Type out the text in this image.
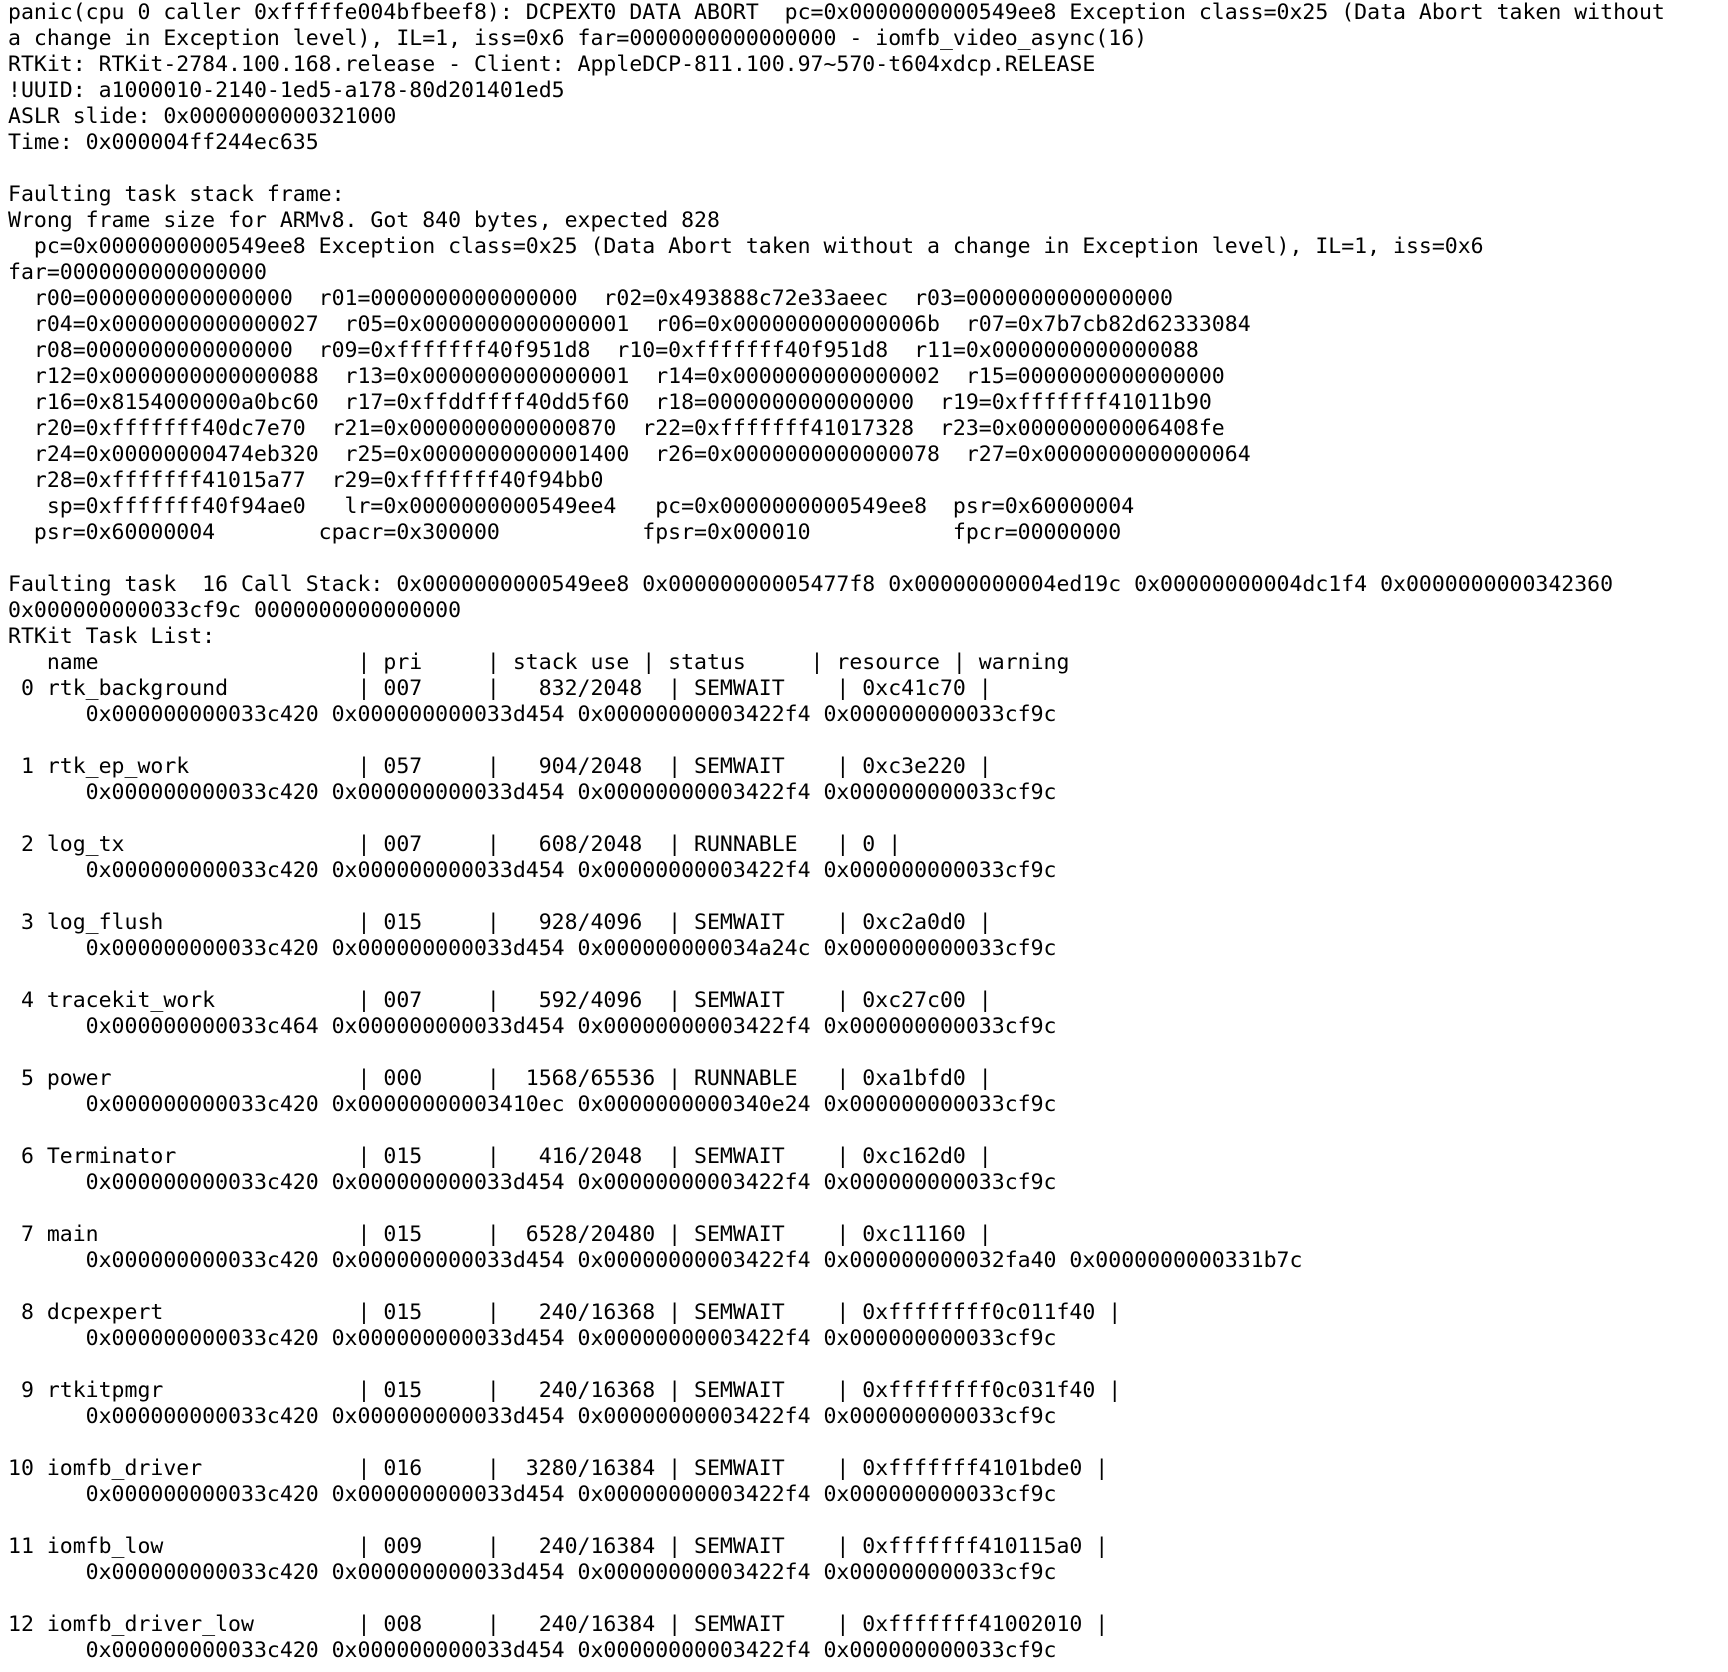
panic(cpu 0 caller 0xfffffe004bfbeef8): DCPEXT0 DATA ABORT  pc=0x0000000000549ee8 Exception class=0x25 (Data Abort taken without
a change in Exception level), IL=1, iss=0x6 far=0000000000000000 - iomfb_video_async(16)
RTKit: RTKit-2784.100.168.release - Client: AppleDCP-811.100.97~570-t604xdcp.RELEASE
!UUID: a1000010-2140-1ed5-a178-80d201401ed5
ASLR slide: 0x0000000000321000
Time: 0x000004ff244ec635
Faulting task stack frame:
Wrong frame size for ARMv8. Got 840 bytes, expected 828
pc=0x0000000000549ee8 Exception class=0x25 (Data Abort taken without a change in Exception level), IL=1, iss=0x6
far=0000000000000000
r00=0000000000000000  r01=0000000000000000  r02=0x493888c72e33aeec  r03=0000000000000000
r04=0x0000000000000027  r05=0x0000000000000001  r06=0x000000000000006b  r07=0x7b7cb82d62333084
r08=0000000000000000  r09=0xfffffff40f951d8  r10=0xfffffff40f951d8  r11=0x0000000000000088
r12=0x0000000000000088  r13=0x0000000000000001  r14=0x0000000000000002  r15=0000000000000000
r16=0x8154000000a0bc60  r17=0xffddffff40dd5f60  r18=0000000000000000  r19=0xfffffff41011b90
r20=0xfffffff40dc7e70  r21=0x0000000000000870  r22=0xfffffff41017328  r23=0x00000000006408fe
r24=0x00000000474eb320  r25=0x0000000000001400  r26=0x0000000000000078  r27=0x0000000000000064
r28=0xfffffff41015a77  r29=0xfffffff40f94bb0
sp=0xfffffff40f94ae0   lr=0x0000000000549ee4   pc=0x0000000000549ee8  psr=0x60000004
psr=0x60000004        cpacr=0x300000           fpsr=0x000010           fpcr=00000000
Faulting task  16 Call Stack: 0x0000000000549ee8 0x00000000005477f8 0x00000000004ed19c 0x00000000004dc1f4 0x0000000000342360
0x000000000033cf9c 0000000000000000
RTKit Task List:
name                    | pri     | stack use | status     | resource | warning
0 rtk_background          | 007     |   832/2048  | SEMWAIT    | 0xc41c70 |
0x000000000033c420 0x000000000033d454 0x00000000003422f4 0x000000000033cf9c
1 rtk_ep_work             | 057     |   904/2048  | SEMWAIT    | 0xc3e220 |
0x000000000033c420 0x000000000033d454 0x00000000003422f4 0x000000000033cf9c
2 log_tx                  | 007     |   608/2048  | RUNNABLE   | 0 |
0x000000000033c420 0x000000000033d454 0x00000000003422f4 0x000000000033cf9c
3 log_flush               | 015     |   928/4096  | SEMWAIT    | 0xc2a0d0 |
0x000000000033c420 0x000000000033d454 0x000000000034a24c 0x000000000033cf9c
4 tracekit_work           | 007     |   592/4096  | SEMWAIT    | 0xc27c00 |
0x000000000033c464 0x000000000033d454 0x00000000003422f4 0x000000000033cf9c
5 power                   | 000     |  1568/65536 | RUNNABLE   | 0xa1bfd0 |
0x000000000033c420 0x00000000003410ec 0x0000000000340e24 0x000000000033cf9c
6 Terminator              | 015     |   416/2048  | SEMWAIT    | 0xc162d0 |
0x000000000033c420 0x000000000033d454 0x00000000003422f4 0x000000000033cf9c
7 main                    | 015     |  6528/20480 | SEMWAIT    | 0xc11160 |
0x000000000033c420 0x000000000033d454 0x00000000003422f4 0x000000000032fa40 0x0000000000331b7c
8 dcpexpert               | 015     |   240/16368 | SEMWAIT    | 0xffffffff0c011f40 |
0x000000000033c420 0x000000000033d454 0x00000000003422f4 0x000000000033cf9c
9 rtkitpmgr               | 015     |   240/16368 | SEMWAIT    | 0xffffffff0c031f40 |
0x000000000033c420 0x000000000033d454 0x00000000003422f4 0x000000000033cf9c
10 iomfb_driver            | 016     |  3280/16384 | SEMWAIT    | 0xfffffff4101bde0 |
0x000000000033c420 0x000000000033d454 0x00000000003422f4 0x000000000033cf9c
11 iomfb_low               | 009     |   240/16384 | SEMWAIT    | 0xfffffff410115a0 |
0x000000000033c420 0x000000000033d454 0x00000000003422f4 0x000000000033cf9c
12 iomfb_driver_low        | 008     |   240/16384 | SEMWAIT    | 0xfffffff41002010 |
0x000000000033c420 0x000000000033d454 0x00000000003422f4 0x000000000033cf9c
